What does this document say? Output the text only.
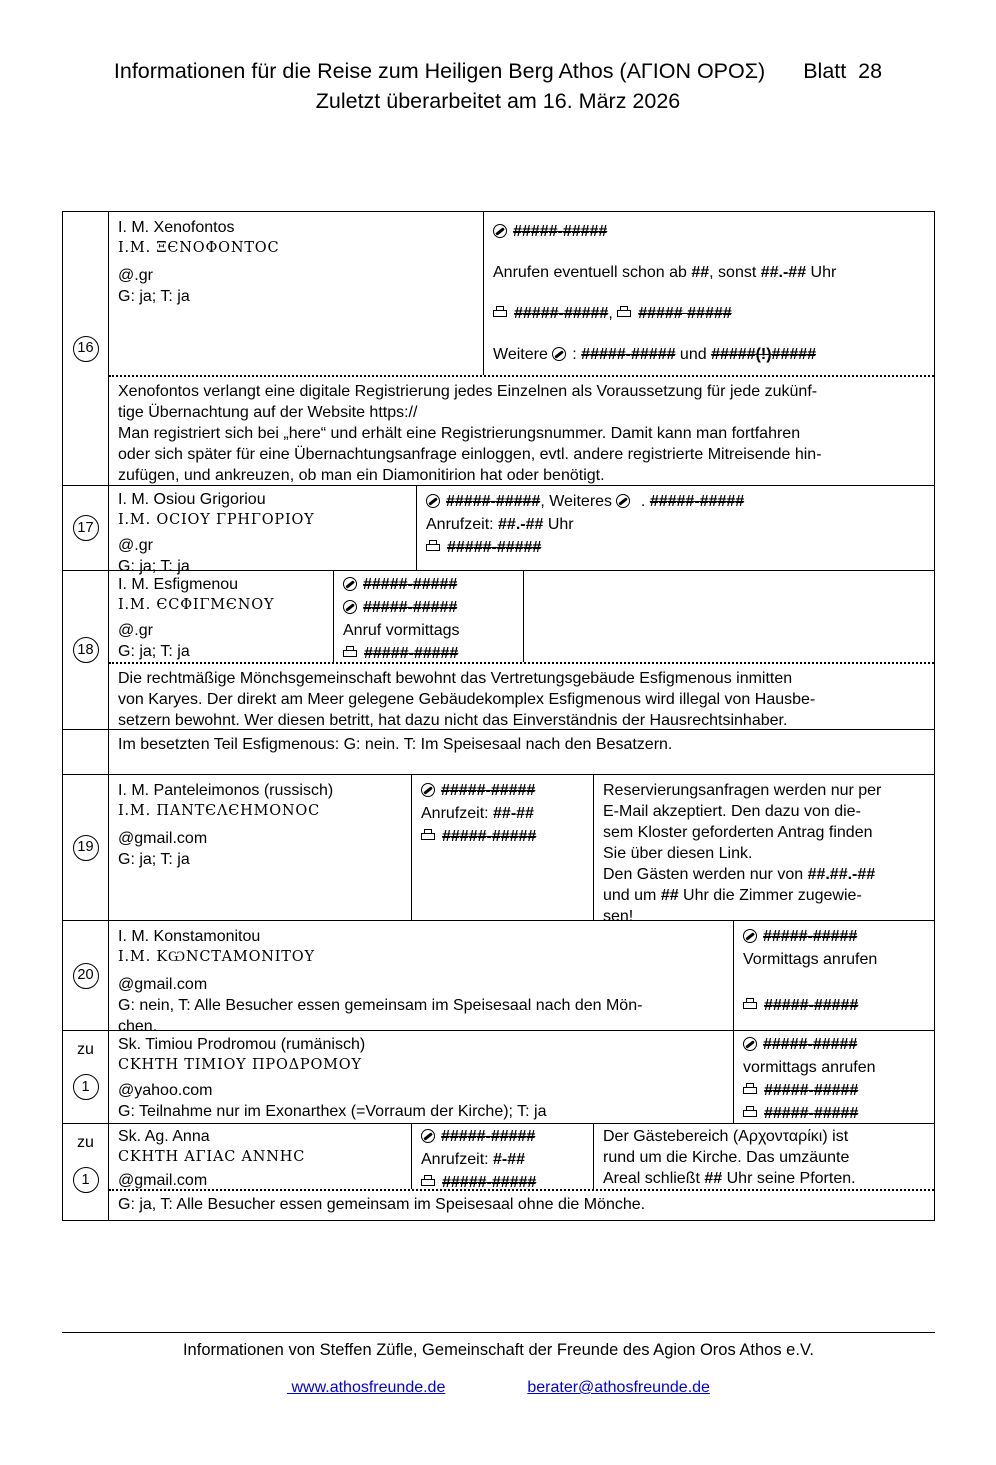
Informationen für die Reise zum Heiligen Berg Athos (ΑΓΙΟΝ ΟΡΟΣ) Blatt  28
Zuletzt überarbeitet am 16. März 2026
16
I. M. Xenofontos
Ι.Μ. ΞЄΝΟΦΟΝΤΟϹ
@.gr
G: ja; T: ja
#####-#####
Anrufen eventuell schon ab ##, sonst ##.-## Uhr
#####-#####, ##### #####
Weitere : #####-##### und #####(!)#####
Xenofontos verlangt eine digitale Registrierung jedes Einzelnen als Voraussetzung für jede zukünf-
tige Übernachtung auf der Website https://
Man registriert sich bei „here“ und erhält eine Registrierungsnummer. Damit kann man fortfahren
oder sich später für eine Übernachtungsanfrage einloggen, evtl. andere registrierte Mitreisende hin-
zufügen, und ankreuzen, ob man ein Diamonitirion hat oder benötigt.
17
I. M. Osiou Grigoriou
Ι.Μ. ΟϹΙΟΥ ΓΡΗΓΟΡΙΟΥ
@.gr
G: ja; T: ja
#####-#####, Weiteres  . #####-#####
Anrufzeit: ##.-## Uhr
#####-#####
18
I. M. Esfigmenou
Ι.Μ. ЄϹΦΙΓΜЄΝΟΥ
@.gr
G: ja; T: ja
#####-#####
#####-#####
Anruf vormittags
#####-#####
Die rechtmäßige Mönchsgemeinschaft bewohnt das Vertretungsgebäude Esfigmenous inmitten
von Karyes. Der direkt am Meer gelegene Gebäudekomplex Esfigmenous wird illegal von Hausbe-
setzern bewohnt. Wer diesen betritt, hat dazu nicht das Einverständnis der Hausrechtsinhaber.
Im besetzten Teil Esfigmenous: G: nein. T: Im Speisesaal nach den Besatzern.
19
I. M. Panteleimonos (russisch)
Ι.Μ. ΠΑΝΤЄΛЄΗΜΟΝΟϹ
@gmail.com
G: ja; T: ja
#####-#####
Anrufzeit: ##-##
#####-#####
Reservierungsanfragen werden nur per
E-Mail akzeptiert. Den dazu von die-
sem Kloster geforderten Antrag finden
Sie über diesen Link.
Den Gästen werden nur von ##.##.-##
und um ## Uhr die Zimmer zugewie-
sen!
20
I. M. Konstamonitou
Ι.Μ. ΚѠΝϹΤΑΜΟΝΙΤΟΥ
@gmail.com
G: nein, T: Alle Besucher essen gemeinsam im Speisesaal nach den Mön-
chen.
#####-#####
Vormittags anrufen
#####-#####
zu
1
Sk. Timiou Prodromou (rumänisch)
ϹΚΗΤΗ ΤΙΜΙΟΥ ΠΡΟΔΡΟΜΟΥ
@yahoo.com
G: Teilnahme nur im Exonarthex (=Vorraum der Kirche); T: ja
#####-#####
vormittags anrufen
#####-#####
#####-#####
zu
1
Sk. Ag. Anna
ϹΚΗΤΗ ΑΓΙΑϹ ΑΝΝΗϹ
@gmail.com
#####-#####
Anrufzeit: #-##
#####-#####
Der Gästebereich (Αρχονταρίκι) ist
rund um die Kirche. Das umzäunte
Areal schließt ## Uhr seine Pforten.
G: ja, T: Alle Besucher essen gemeinsam im Speisesaal ohne die Mönche.
Informationen von Steffen Züfle, Gemeinschaft der Freunde des Agion Oros Athos e.V.
www.athosfreunde.de	berater@athosfreunde.de
